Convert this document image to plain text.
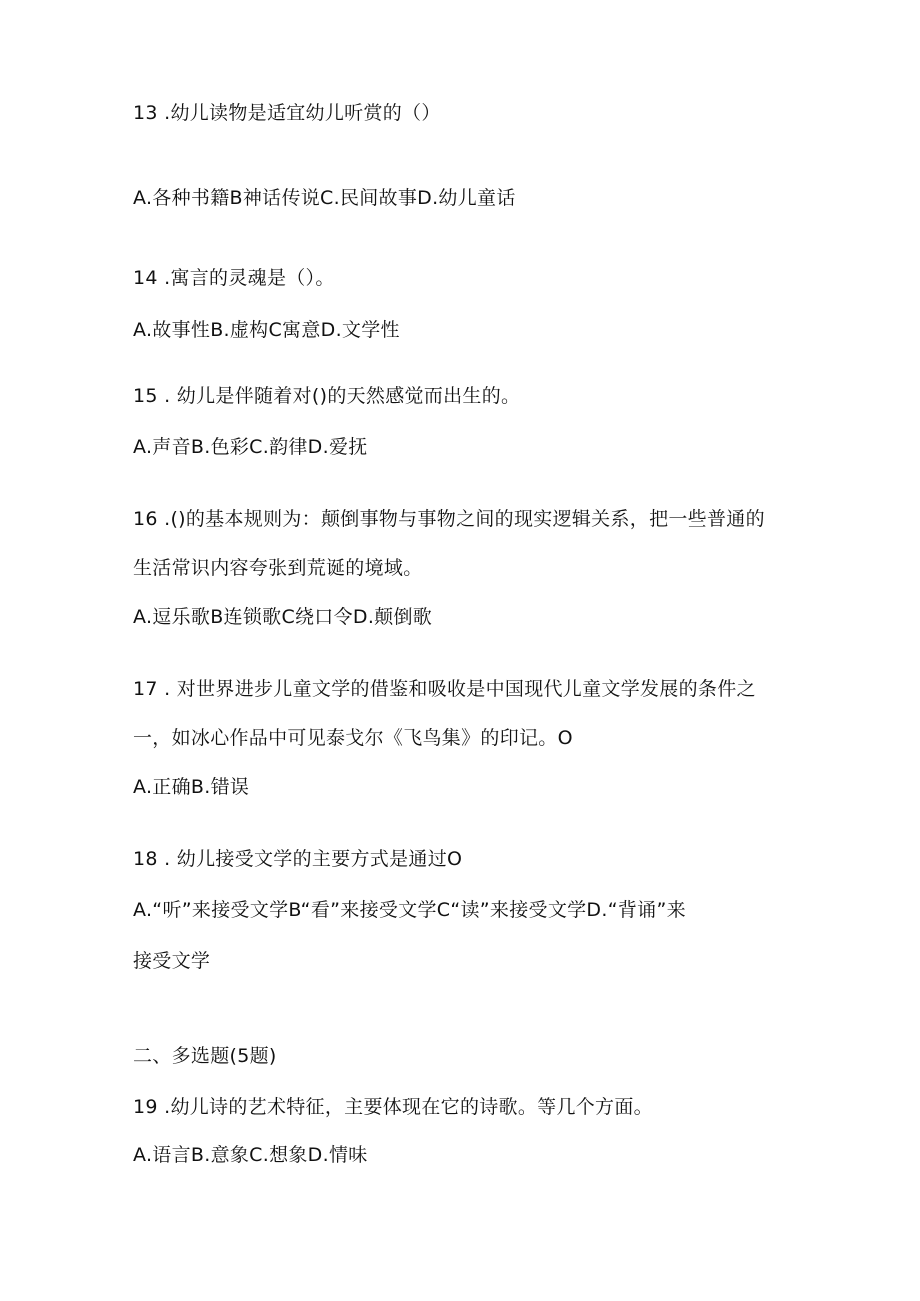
13 .幼儿读物是适宜幼儿听赏的（）
A.各种书籍B神话传说C.民间故事D.幼儿童话
14 .寓言的灵魂是（）。
A.故事性B.虚构C寓意D.文学性
15 . 幼儿是伴随着对()的天然感觉而出生的。
A.声音B.色彩C.韵律D.爱抚
16 .()的基本规则为：颠倒事物与事物之间的现实逻辑关系，把一些普通的
生活常识内容夸张到荒诞的境域。
A.逗乐歌B连锁歌C绕口令D.颠倒歌
17 . 对世界进步儿童文学的借鉴和吸收是中国现代儿童文学发展的条件之
一，如冰心作品中可见泰戈尔《飞鸟集》的印记。O
A.正确B.错误
18 . 幼儿接受文学的主要方式是通过O
A.“听”来接受文学B“看”来接受文学C“读”来接受文学D.“背诵”来
接受文学
二、多选题(5题)
19 .幼儿诗的艺术特征，主要体现在它的诗歌。等几个方面。
A.语言B.意象C.想象D.情味
